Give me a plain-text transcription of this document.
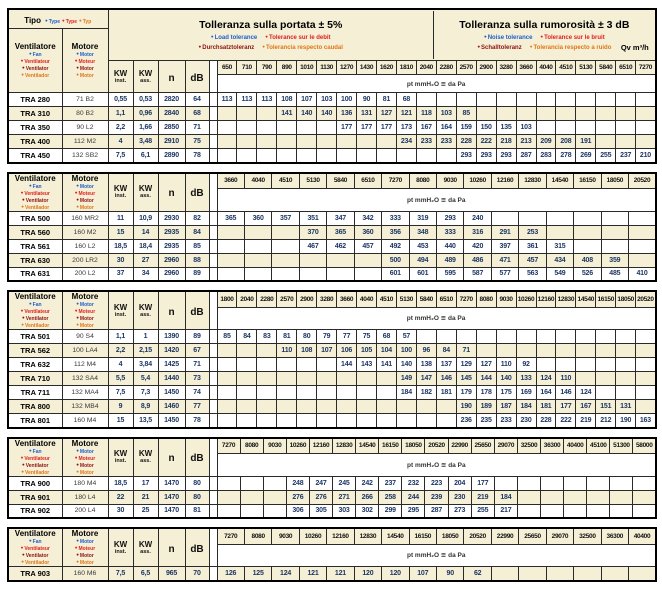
Tipo ●Type ●Type ●Typ	Tolleranza sulla portata ± 5%
●Load tolerance ●Tolerance sur le debit
●Durchsatztoleranz ●Tolerancia respecto caudal
Tolleranza sulla rumorosità ± 3 dB
●Noise tolerance ●Tolerance sur le bruit
●Schalltoleranz ●Tolerancia respecto a ruido	Qv m³/h

Ventilatore
●Fan
●Ventilateur
●Ventilator
●Ventilador

Motore
●Motor
●Moteur
●Motor
●Motor

KW
inst.

KW
ass.	n	dB		650	710	790	890	1010	1130	1270	1430	1620	1810	2040	2280	2570	2900	3280	3660	4040	4510	5130	5840	6510	7270
							pt mmH₂O ≅ da Pa																					
TRA 280	71 B2	0,55	0,53	2820	64		113	113	113	108	107	103	100	90	81	68												
TRA 310	80 B2	1,1	0,96	2840	68					141	140	140	136	131	127	121	118	103	85									
TRA 350	90 L2	2,2	1,66	2850	71								177	177	177	173	167	164	159	150	135	103						
TRA 400	112 M2	4	3,48	2910	75											234	233	233	228	222	218	213	209	208	191			
TRA 450	132 SB2	7,5	6,1	2890	78														293	293	293	287	283	278	269	255	237	210
Ventilatore
●Fan
●Ventilateur
●Ventilator
●Ventilador

Motore
●Motor
●Moteur
●Motor
●Motor

KW
inst.

KW
ass.	n	dB		3660	4040	4510	5130	5840	6510	7270	8080	9030	10260	12160	12830	14540	16150	18050	20520
							pt mmH₂O ≅ da Pa															
TRA 500	160 MR2	11	10,9	2930	82		365	360	357	351	347	342	333	319	293	240						
TRA 560	160 M2	15	14	2935	84					370	365	360	356	348	333	316	291	253				
TRA 561	160 L2	18,5	18,4	2935	85					467	462	457	492	453	440	420	397	361	315			
TRA 630	200 LR2	30	27	2960	88								500	494	489	486	471	457	434	408	359	
TRA 631	200 L2	37	34	2960	89								601	601	595	587	577	563	549	526	485	410
Ventilatore
●Fan
●Ventilateur
●Ventilator
●Ventilador

Motore
●Motor
●Moteur
●Motor
●Motor

KW
inst.

KW
ass.	n	dB		1800	2040	2280	2570	2900	3280	3660	4040	4510	5130	5840	6510	7270	8080	9030	10260	12160	12830	14540	16150	18050	20520
							pt mmH₂O ≅ da Pa																					
TRA 501	90 S4	1,1	1	1390	89		85	84	83	81	80	79	77	75	68	57												
TRA 562	100 LA4	2,2	2,15	1420	67					110	108	107	106	105	104	100	96	84	71									
TRA 632	112 M4	4	3,84	1425	71								144	143	141	140	138	137	129	127	110	92						
TRA 710	132 SA4	5,5	5,4	1440	73											149	147	146	145	144	140	133	124	110				
TRA 711	132 MA4	7,5	7,3	1450	74											184	182	181	179	178	175	169	164	146	124			
TRA 800	132 MB4	9	8,9	1460	77														190	189	187	184	181	177	167	151	131	
TRA 801	160 M4	15	13,5	1450	78														236	235	233	230	228	222	219	212	190	163
Ventilatore
●Fan
●Ventilateur
●Ventilator
●Ventilador

Motore
●Motor
●Moteur
●Motor
●Motor

KW
inst.

KW
ass.	n	dB		7270	8080	9030	10260	12160	12830	14540	16150	18050	20520	22990	25650	29070	32500	36300	40400	45100	51300	58000
							pt mmH₂O ≅ da Pa																		
TRA 900	180 M4	18,5	17	1470	80					248	247	245	242	237	232	223	204	177							
TRA 901	180 L4	22	21	1470	80					276	276	271	266	258	244	239	230	219	184						
TRA 902	200 L4	30	25	1470	81					306	305	303	302	299	295	287	273	255	217						
Ventilatore
●Fan
●Ventilateur
●Ventilator
●Ventilador

Motore
●Motor
●Moteur
●Motor
●Motor

KW
inst.

KW
ass.	n	dB		7270	8080	9030	10260	12160	12830	14540	16150	18050	20520	22990	25650	29070	32500	36300	40400
							pt mmH₂O ≅ da Pa															
TRA 903	160 M6	7,5	6,5	965	70		126	125	124	121	121	120	120	107	90	62						
